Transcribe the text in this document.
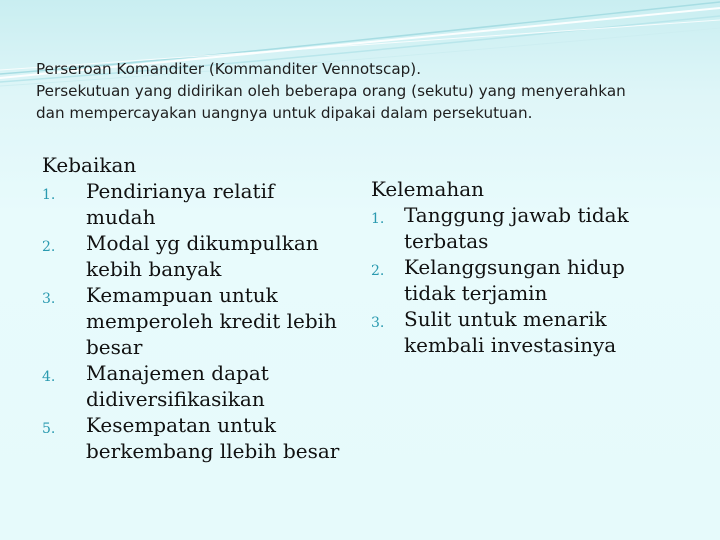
Perseroan Komanditer (Kommanditer Vennotscap).
Persekutuan yang didirikan oleh beberapa orang (sekutu) yang menyerahkan
dan mempercayakan uangnya untuk dipakai dalam persekutuan.
Kebaikan
1.	Pendirianya relatif
mudah
2.	Modal yg dikumpulkan
kebih banyak
3.	Kemampuan untuk
memperoleh kredit lebih
besar
4.	Manajemen dapat
didiversifikasikan
5.	Kesempatan untuk
berkembang llebih besar
Kelemahan
1. Tanggung jawab tidak
terbatas
2. Kelanggsungan hidup
tidak terjamin
3. Sulit untuk menarik
kembali investasinya
